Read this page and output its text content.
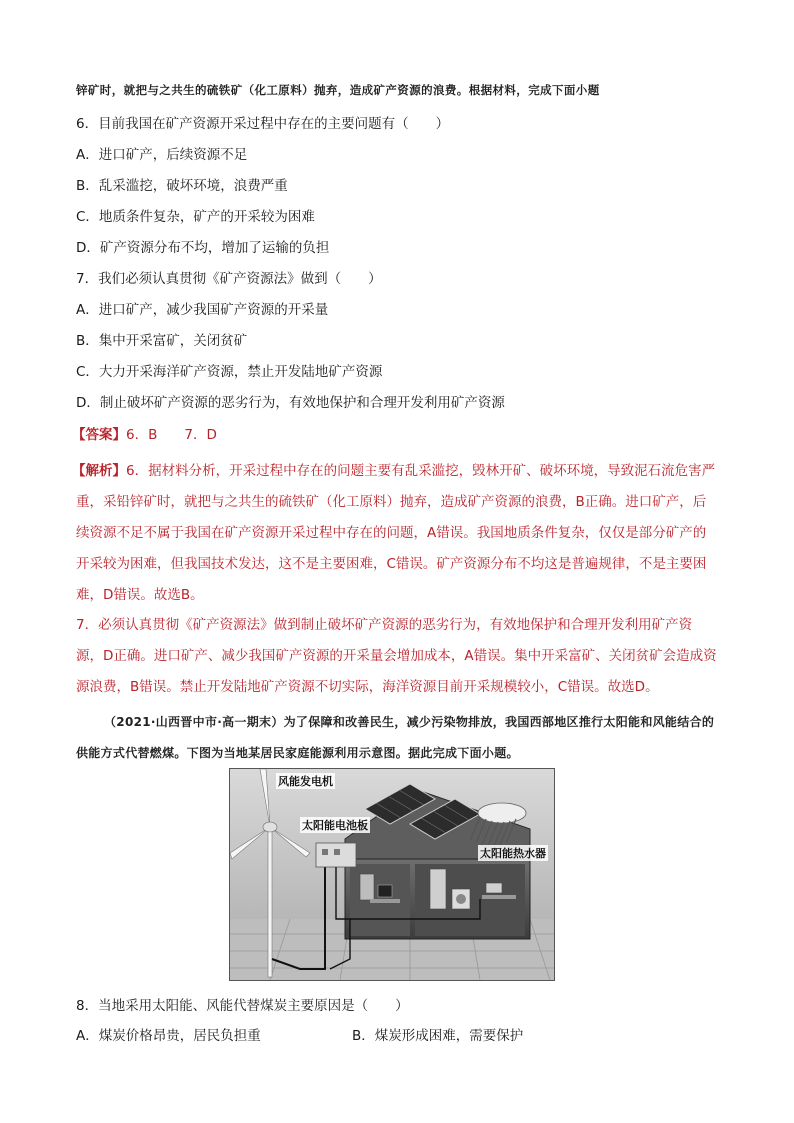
锌矿时，就把与之共生的硫铁矿（化工原料）抛弃，造成矿产资源的浪费。根据材料，完成下面小题
6．目前我国在矿产资源开采过程中存在的主要问题有（　　）
A．进口矿产，后续资源不足
B．乱采滥挖，破坏环境，浪费严重
C．地质条件复杂，矿产的开采较为困难
D．矿产资源分布不均，增加了运输的负担
7．我们必须认真贯彻《矿产资源法》做到（　　）
A．进口矿产，减少我国矿产资源的开采量
B．集中开采富矿，关闭贫矿
C．大力开采海洋矿产资源，禁止开发陆地矿产资源
D．制止破坏矿产资源的恶劣行为，有效地保护和合理开发利用矿产资源
【答案】6．B　　7．D
【解析】6．据材料分析，开采过程中存在的问题主要有乱采滥挖，毁林开矿、破坏环境，导致泥石流危害严重，采铅锌矿时，就把与之共生的硫铁矿（化工原料）抛弃，造成矿产资源的浪费，B正确。进口矿产，后续资源不足不属于我国在矿产资源开采过程中存在的问题，A错误。我国地质条件复杂，仅仅是部分矿产的开采较为困难，但我国技术发达，这不是主要困难，C错误。矿产资源分布不均这是普遍规律，不是主要困难，D错误。故选B。
7．必须认真贯彻《矿产资源法》做到制止破坏矿产资源的恶劣行为，有效地保护和合理开发利用矿产资源，D正确。进口矿产、减少我国矿产资源的开采量会增加成本，A错误。集中开采富矿、关闭贫矿会造成资源浪费，B错误。禁止开发陆地矿产资源不切实际，海洋资源目前开采规模较小，C错误。故选D。
（2021·山西晋中市·高一期末）为了保障和改善民生，减少污染物排放，我国西部地区推行太阳能和风能结合的供能方式代替燃煤。下图为当地某居民家庭能源利用示意图。据此完成下面小题。
风能发电机
太阳能电池板
太阳能热水器
8．当地采用太阳能、风能代替煤炭主要原因是（　　）
A．煤炭价格昂贵，居民负担重	B．煤炭形成困难，需要保护
